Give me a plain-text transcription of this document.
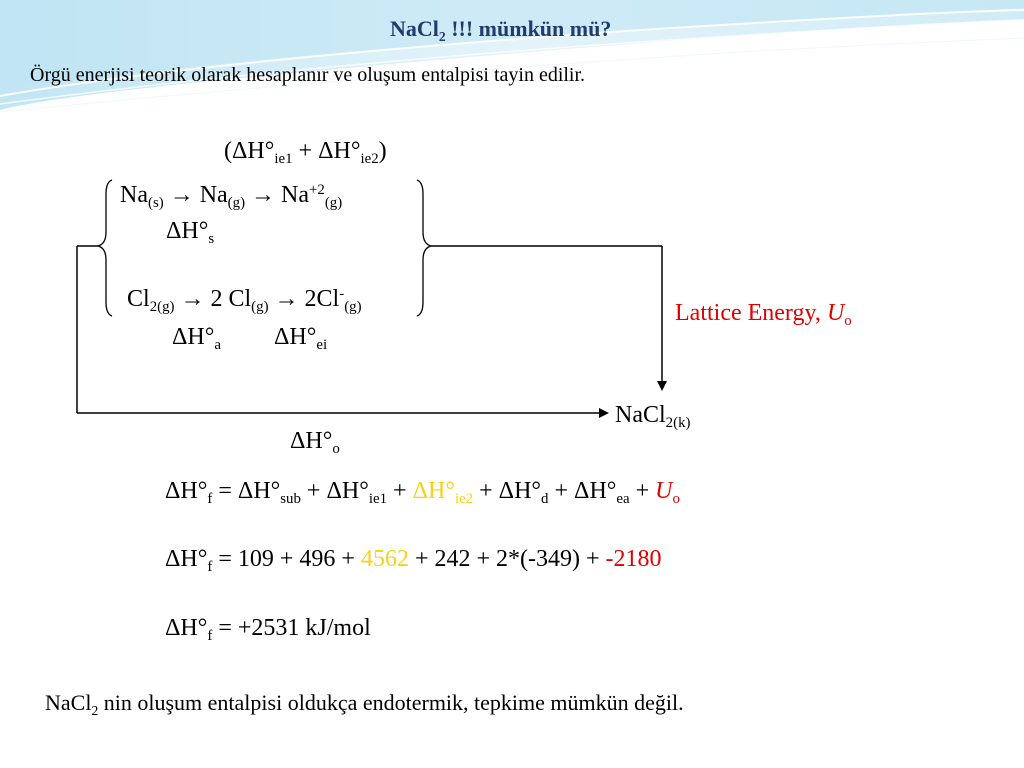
NaCl$_2$ !!! mümkün mü?
Örgü enerjisi teorik olarak hesaplanır ve oluşum entalpisi tayin edilir.
$(\Delta H^\circ_{ie1} + \Delta H^\circ_{ie2})$
$Na_{(s)} \to Na_{(g)} \to Na^{+2}_{(g)}$
$\Delta H^\circ_s$
$Cl_{2(g)} \to 2$ $Cl_{(g)} \to 2Cl^-_{(g)}$
$\Delta H^\circ_a$ $\Delta H^\circ_{ei}$
Lattice Energy, $U_o$
NaCl$_{2(k)}$
$\Delta H^\circ_o$
$\Delta H^\circ_f = \Delta H^\circ_{sub} + \Delta H^\circ_{ie1} + \Delta H^\circ_{ie2} + \Delta H^\circ_d + \Delta H^\circ_{ea} + U_o$
$\Delta H^\circ_f = 109 + 496 + 4562 + 242 + 2*(-349) + -2180$
$\Delta H^\circ_f = +2531$ kJ/mol
NaCl$_2$ nin oluşum entalpisi oldukça endotermik, tepkime mümkün değil.
